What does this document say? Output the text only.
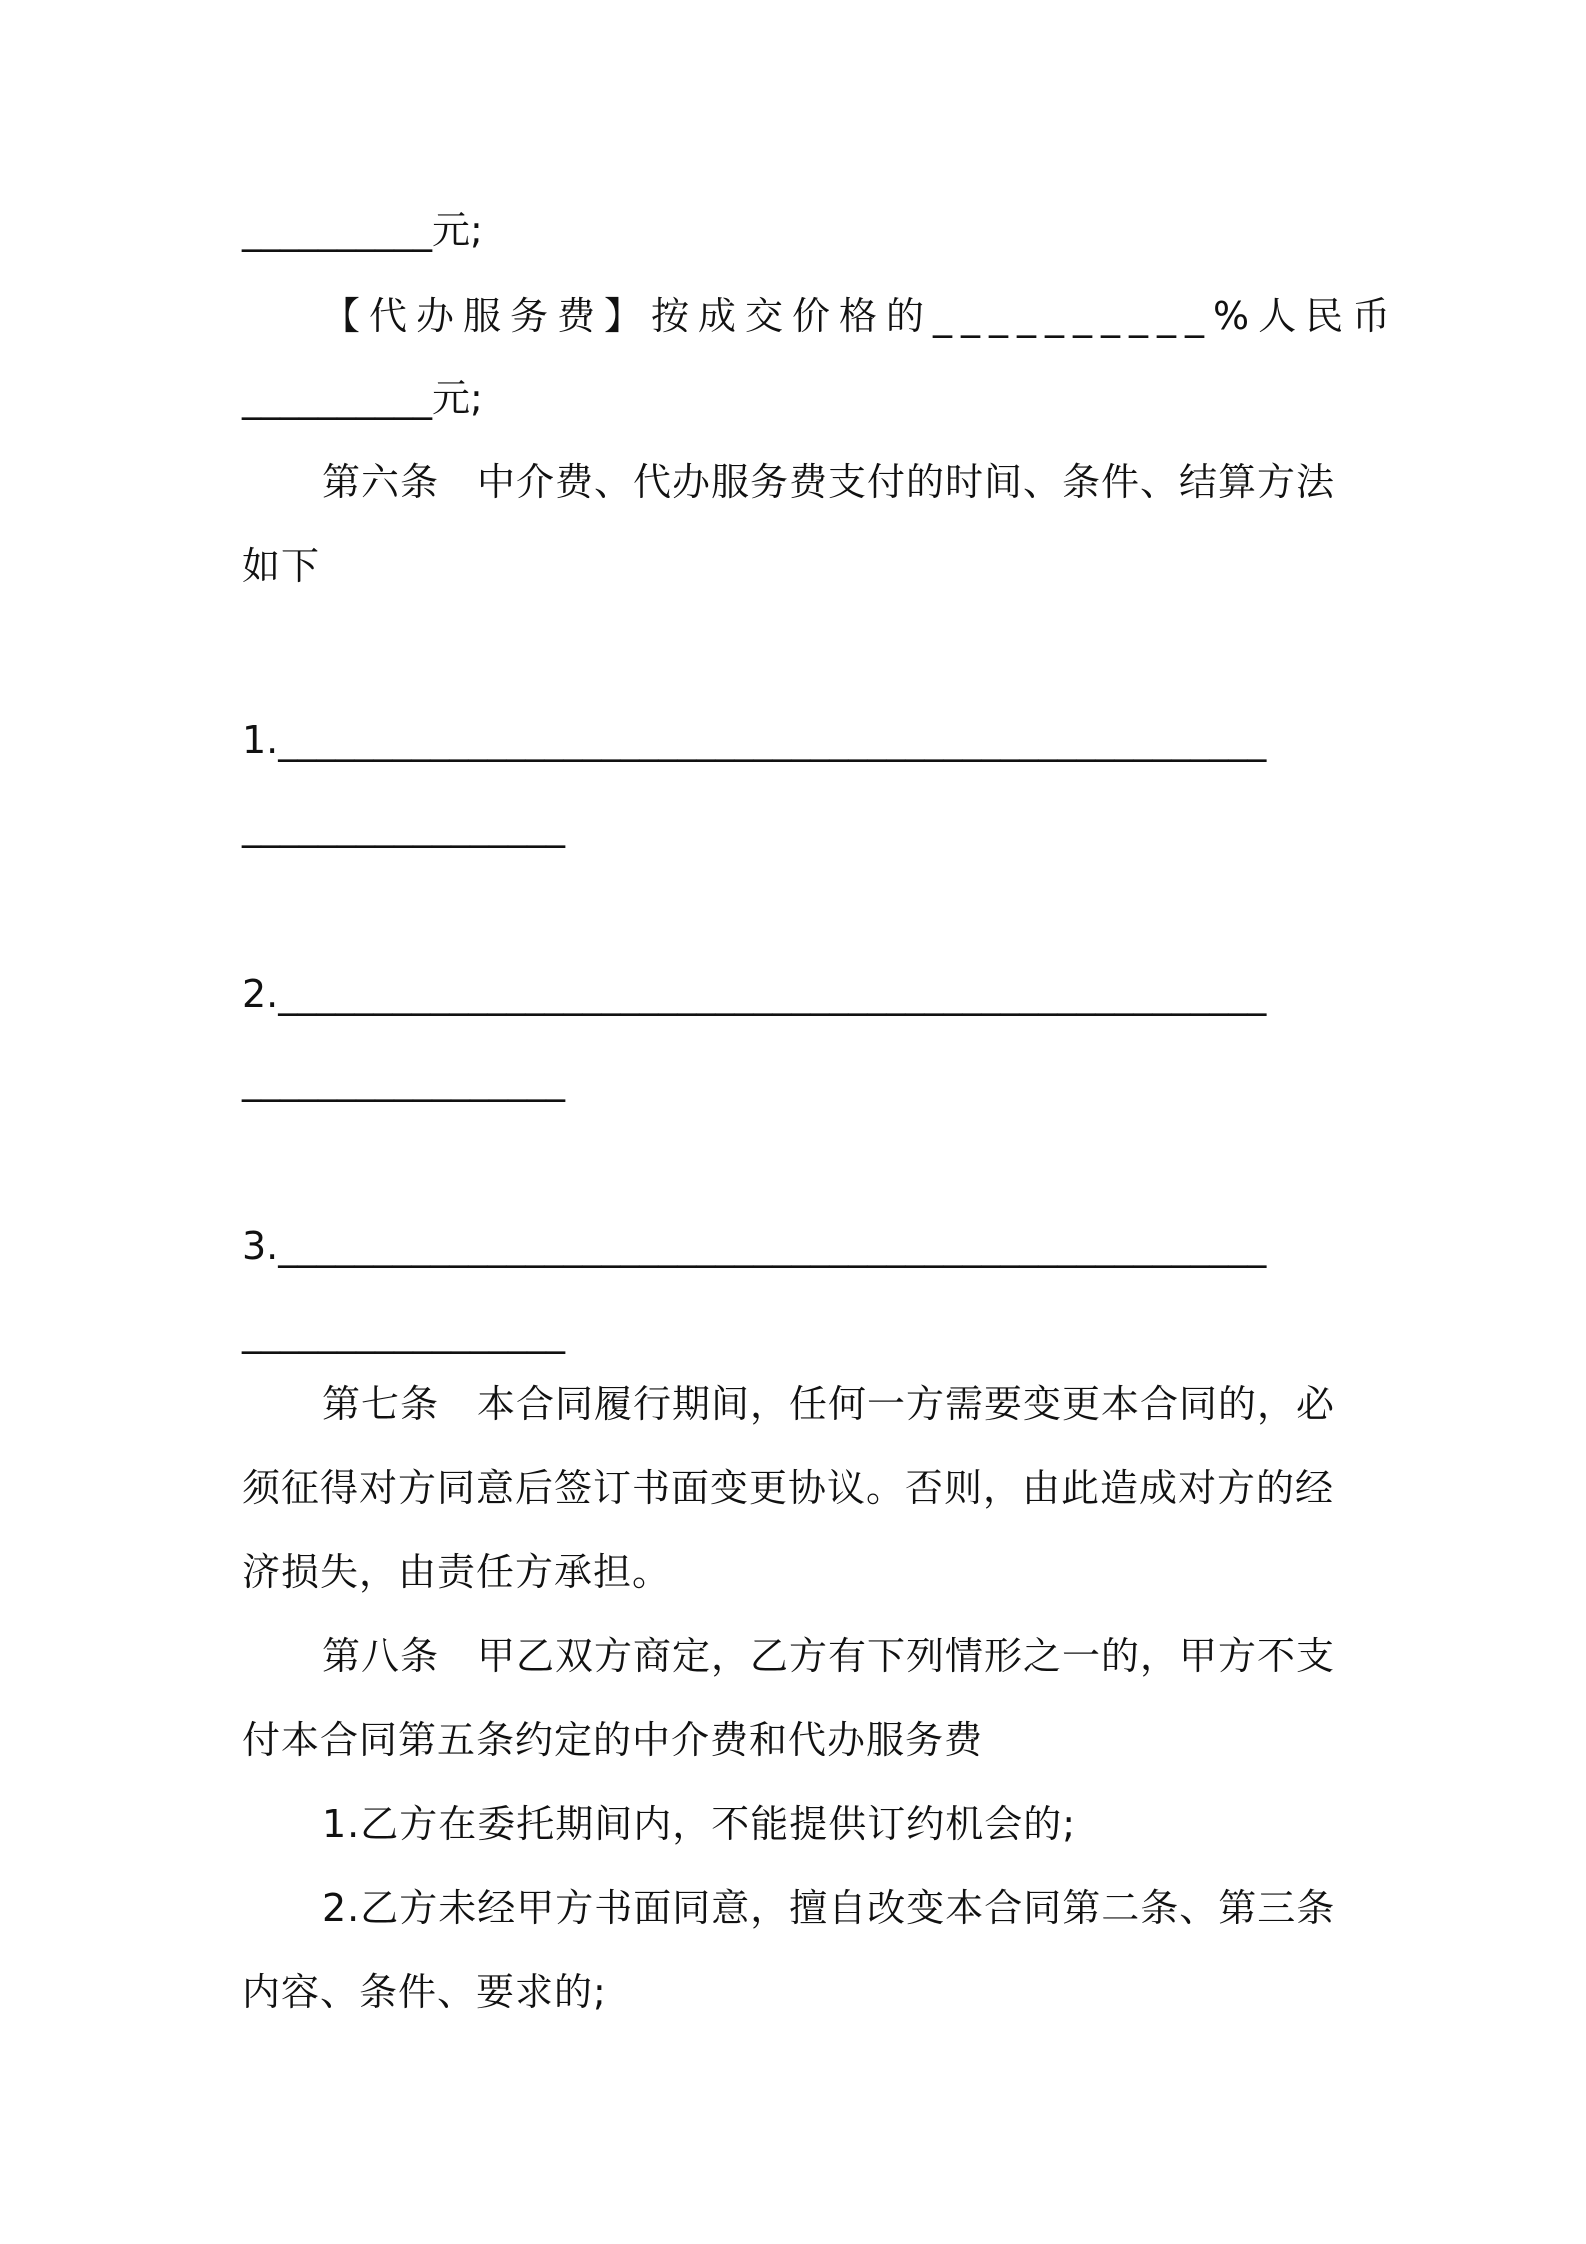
__________元;
【代办服务费】按成交价格的__________%人民币
__________元;
第六条 中介费、代办服务费支付的时间、条件、结算方法
如下
1.____________________________________________________
_________________
2.____________________________________________________
_________________
3.____________________________________________________
_________________
第七条 本合同履行期间，任何一方需要变更本合同的，必
须征得对方同意后签订书面变更协议。否则，由此造成对方的经
济损失，由责任方承担。
第八条 甲乙双方商定，乙方有下列情形之一的，甲方不支
付本合同第五条约定的中介费和代办服务费
1.乙方在委托期间内，不能提供订约机会的;
2.乙方未经甲方书面同意，擅自改变本合同第二条、第三条
内容、条件、要求的;
